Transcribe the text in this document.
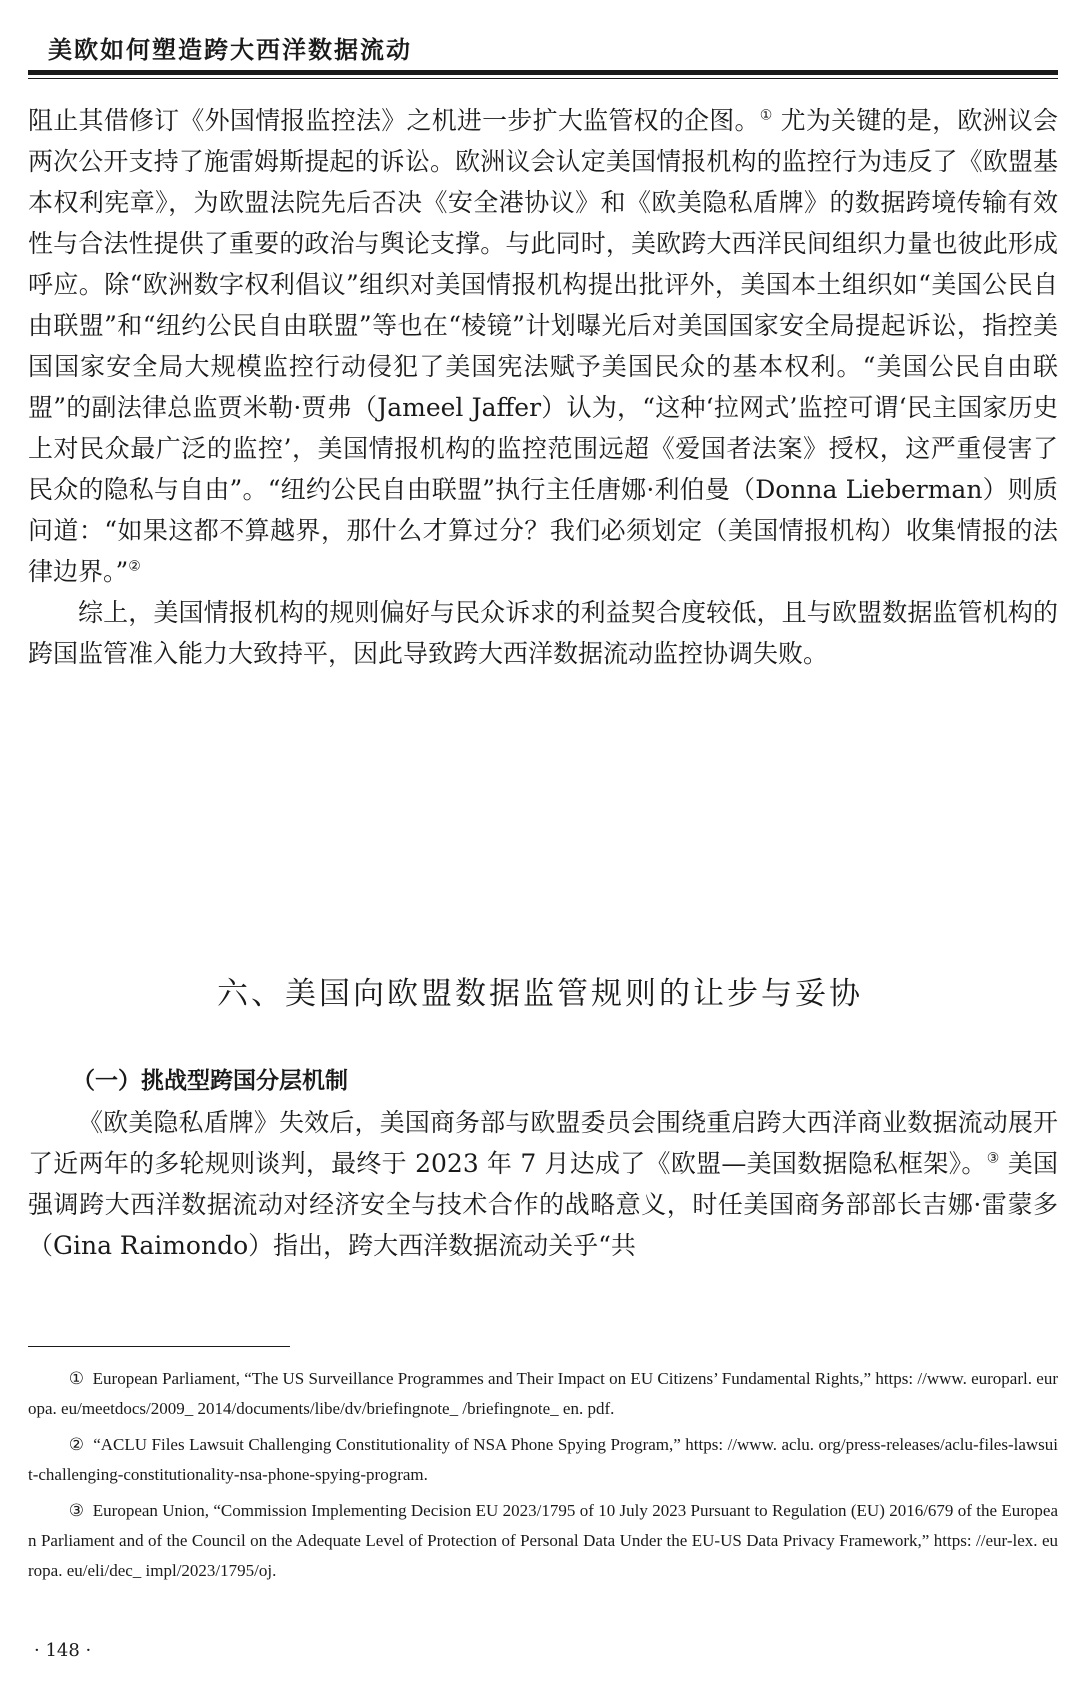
美欧如何塑造跨大西洋数据流动

阻止其借修订《外国情报监控法》之机进一步扩大监管权的企图。① 尤为关键的是，欧洲议会两次公开支持了施雷姆斯提起的诉讼。欧洲议会认定美国情报机构的监控行为违反了《欧盟基本权利宪章》，为欧盟法院先后否决《安全港协议》和《欧美隐私盾牌》的数据跨境传输有效性与合法性提供了重要的政治与舆论支撑。与此同时，美欧跨大西洋民间组织力量也彼此形成呼应。除“欧洲数字权利倡议”组织对美国情报机构提出批评外，美国本土组织如“美国公民自由联盟”和“纽约公民自由联盟”等也在“棱镜”计划曝光后对美国国家安全局提起诉讼，指控美国国家安全局大规模监控行动侵犯了美国宪法赋予美国民众的基本权利。“美国公民自由联盟”的副法律总监贾米勒·贾弗（Jameel Jaffer）认为，“这种‘拉网式’监控可谓‘民主国家历史上对民众最广泛的监控’，美国情报机构的监控范围远超《爱国者法案》授权，这严重侵害了民众的隐私与自由”。“纽约公民自由联盟”执行主任唐娜·利伯曼（Donna Lieberman）则质问道：“如果这都不算越界，那什么才算过分？我们必须划定（美国情报机构）收集情报的法律边界。”②

综上，美国情报机构的规则偏好与民众诉求的利益契合度较低，且与欧盟数据监管机构的跨国监管准入能力大致持平，因此导致跨大西洋数据流动监控协调失败。

六、美国向欧盟数据监管规则的让步与妥协
（一）挑战型跨国分层机制

《欧美隐私盾牌》失效后，美国商务部与欧盟委员会围绕重启跨大西洋商业数据流动展开了近两年的多轮规则谈判，最终于 2023 年 7 月达成了《欧盟—美国数据隐私框架》。③ 美国强调跨大西洋数据流动对经济安全与技术合作的战略意义，时任美国商务部部长吉娜·雷蒙多（Gina Raimondo）指出，跨大西洋数据流动关乎“共

① European Parliament, “The US Surveillance Programmes and Their Impact on EU Citizens’ Fundamental Rights,” https: //www. europarl. europa. eu/meetdocs/2009_ 2014/documents/libe/dv/briefingnote_ /briefingnote_ en. pdf.

② “ACLU Files Lawsuit Challenging Constitutionality of NSA Phone Spying Program,” https: //www. aclu. org/press-releases/aclu-files-lawsuit-challenging-constitutionality-nsa-phone-spying-program.

③ European Union, “Commission Implementing Decision EU 2023/1795 of 10 July 2023 Pursuant to Regulation (EU) 2016/679 of the European Parliament and of the Council on the Adequate Level of Protection of Personal Data Under the EU-US Data Privacy Framework,” https: //eur-lex. europa. eu/eli/dec_ impl/2023/1795/oj.

· 148 ·
